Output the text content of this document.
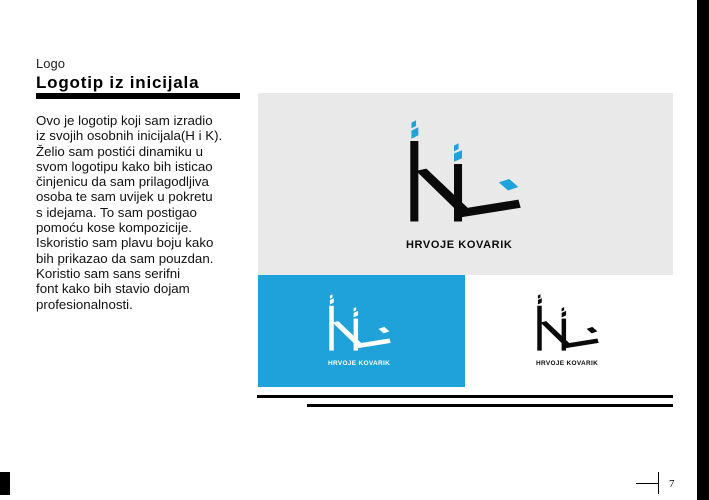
Logo
Logotip iz inicijala
Ovo je logotip koji sam izradio
iz svojih osobnih inicijala(H i K).
Želio sam postići dinamiku u
svom logotipu kako bih isticao
činjenicu da sam prilagodljiva
osoba te sam uvijek u pokretu
s idejama. To sam postigao
pomoću kose kompozicije.
Iskoristio sam plavu boju kako
bih prikazao da sam pouzdan.
Koristio sam sans serifni
font kako bih stavio dojam
profesionalnosti.
HRVOJE KOVARIK
HRVOJE KOVARIK	HRVOJE KOVARIK
7
